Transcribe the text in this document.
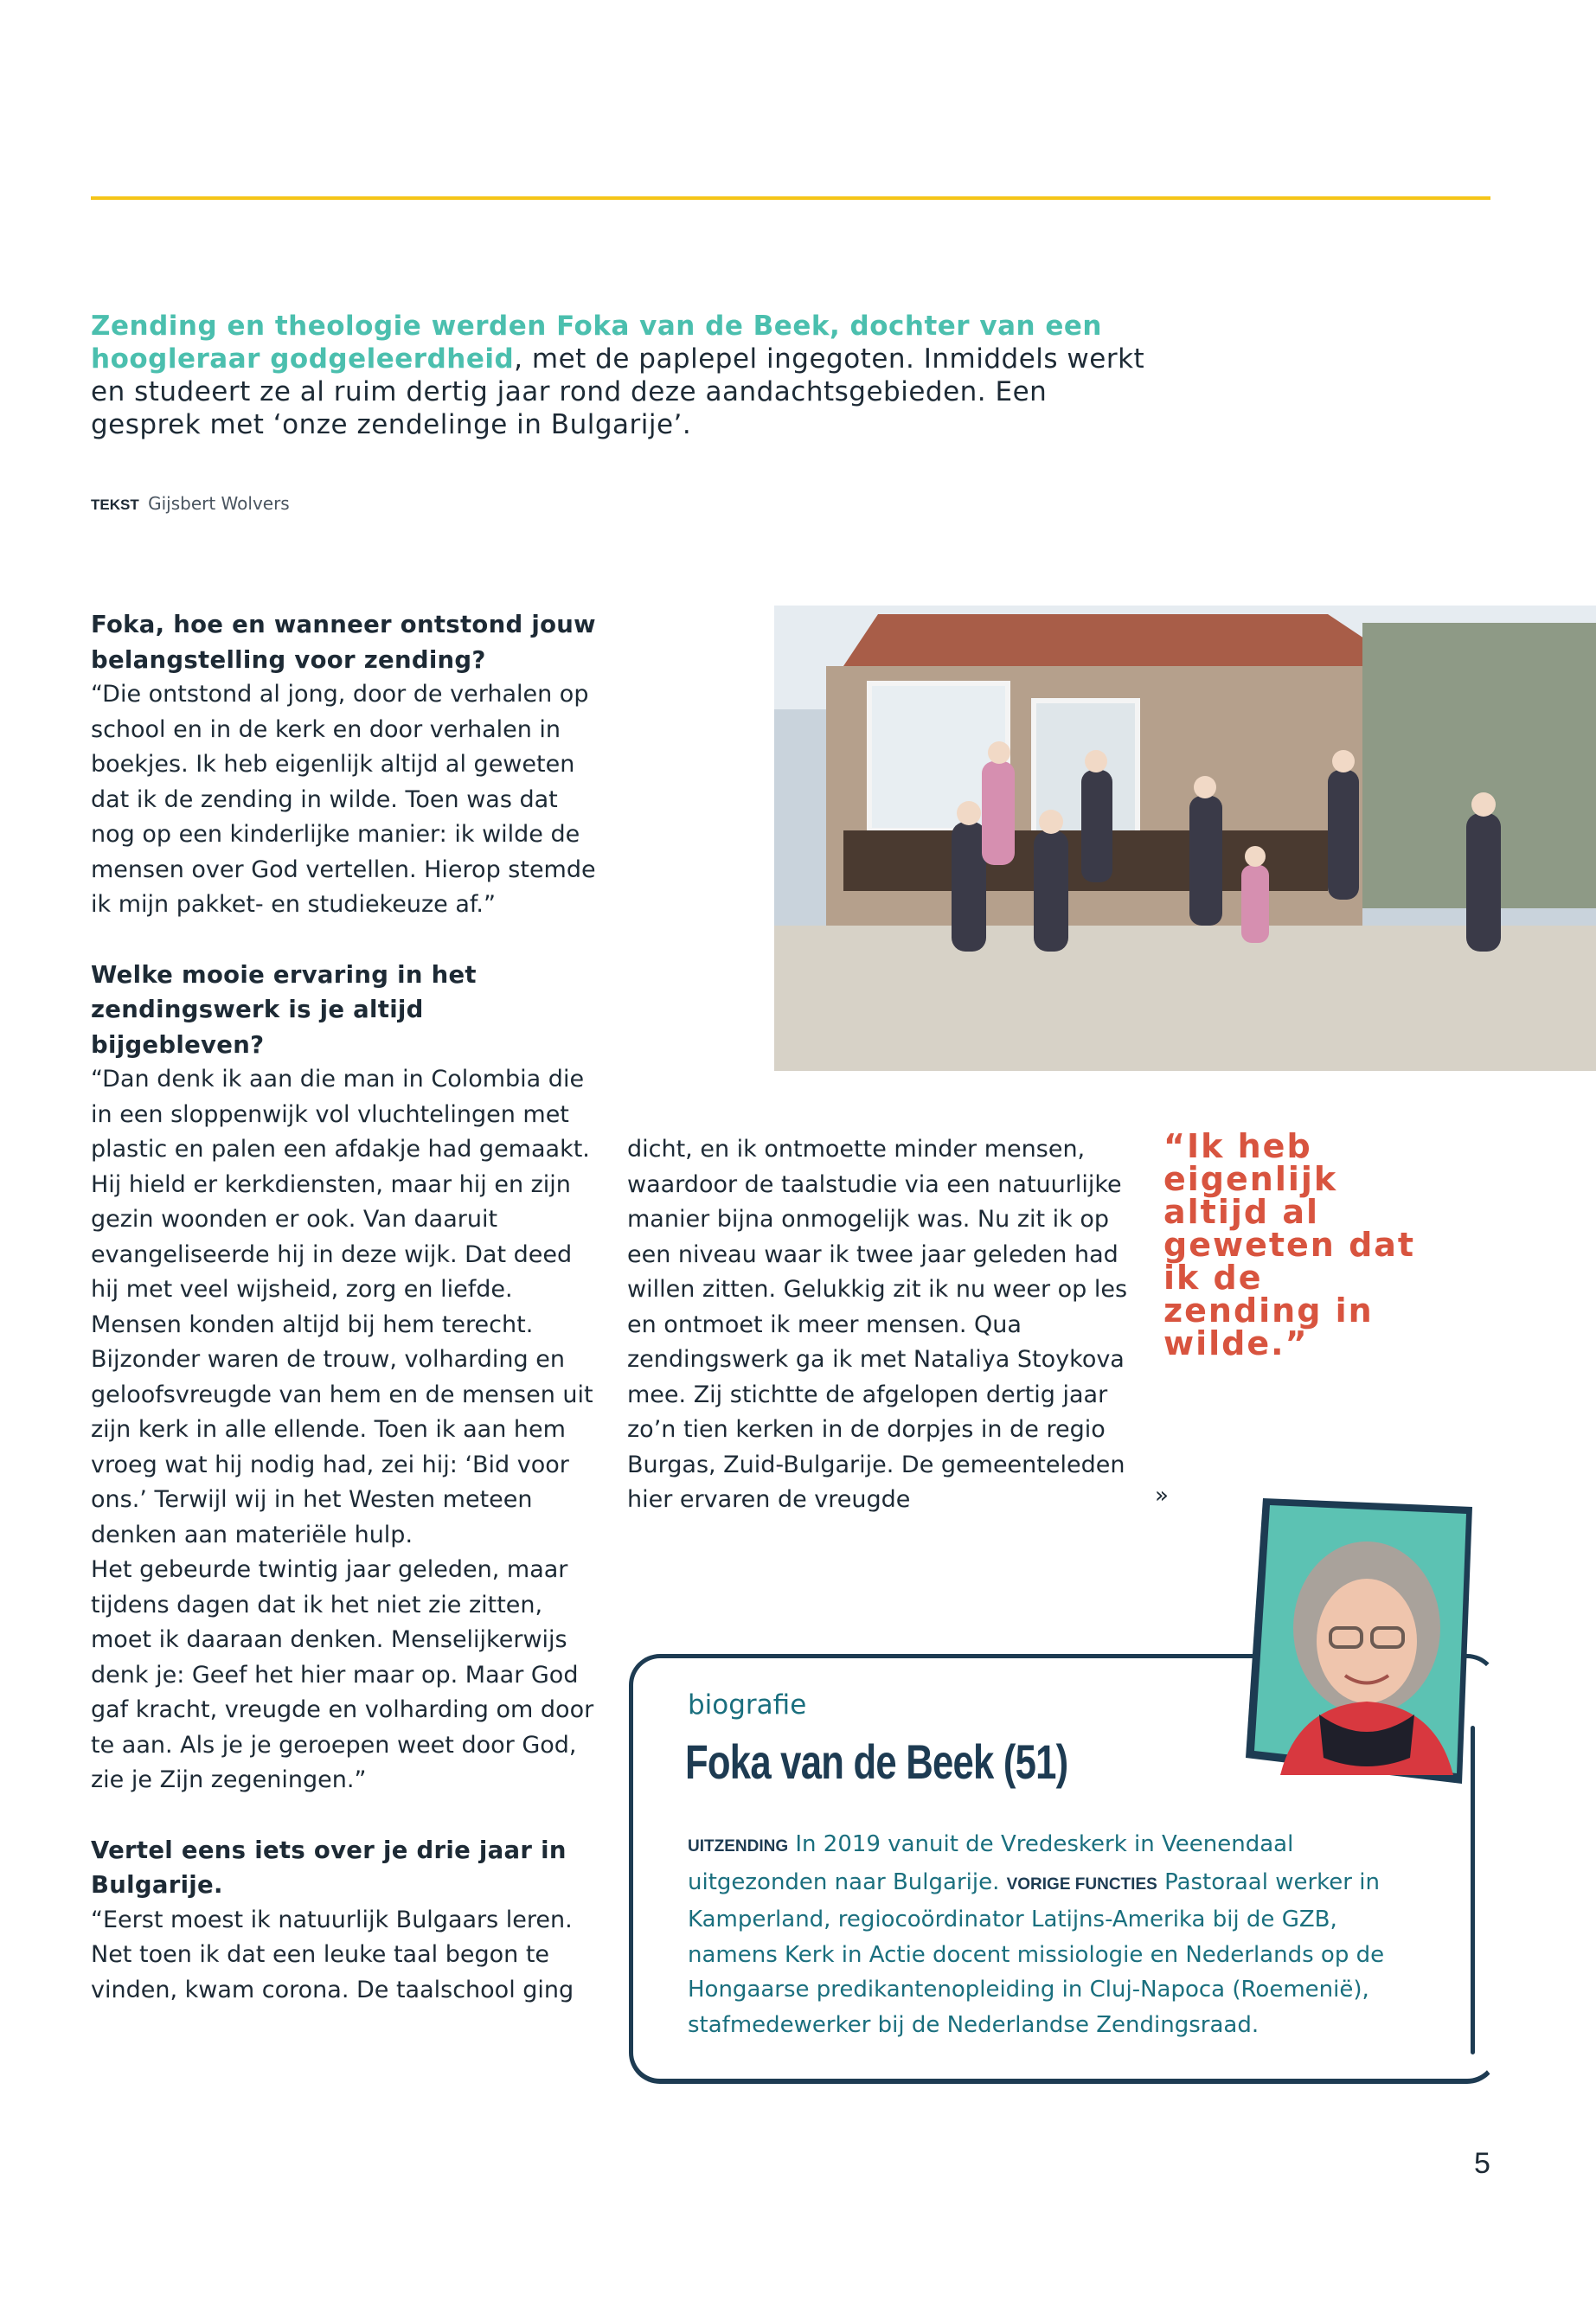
Zending en theologie werden Foka van de Beek, dochter van een hoogleraar godgeleerdheid, met de paplepel ingegoten. Inmiddels werkt en studeert ze al ruim dertig jaar rond deze aandachtsgebieden. Een gesprek met ‘onze zendelinge in Bulgarije’.
TEKST Gijsbert Wolvers

Foka, hoe en wanneer ontstond jouw belangstelling voor zending?

“Die ontstond al jong, door de verhalen op school en in de kerk en door verhalen in boekjes. Ik heb eigenlijk altijd al geweten dat ik de zending in wilde. Toen was dat nog op een kinderlijke manier: ik wilde de mensen over God vertellen. Hierop stemde ik mijn pakket- en studiekeuze af.”

Welke mooie ervaring in het zendingswerk is je altijd bijgebleven?

“Dan denk ik aan die man in Colombia die in een sloppenwijk vol vluchtelingen met plastic en palen een afdakje had gemaakt. Hij hield er kerkdiensten, maar hij en zijn gezin woonden er ook. Van daaruit evangeliseerde hij in deze wijk. Dat deed hij met veel wijsheid, zorg en liefde. Mensen konden altijd bij hem terecht. Bijzonder waren de trouw, volharding en geloofsvreugde van hem en de mensen uit zijn kerk in alle ellende. Toen ik aan hem vroeg wat hij nodig had, zei hij: ‘Bid voor ons.’ Terwijl wij in het Westen meteen denken aan materiële hulp.

Het gebeurde twintig jaar geleden, maar tijdens dagen dat ik het niet zie zitten, moet ik daaraan denken. Menselijkerwijs denk je: Geef het hier maar op. Maar God gaf kracht, vreugde en volharding om door te aan. Als je je geroepen weet door God, zie je Zijn zegeningen.”

Vertel eens iets over je drie jaar in Bulgarije.

“Eerst moest ik natuurlijk Bulgaars leren. Net toen ik dat een leuke taal begon te vinden, kwam corona. De taalschool ging

dicht, en ik ontmoette minder mensen, waardoor de taalstudie via een natuurlijke manier bijna onmogelijk was. Nu zit ik op een niveau waar ik twee jaar geleden had willen zitten. Gelukkig zit ik nu weer op les en ontmoet ik meer mensen. Qua zendingswerk ga ik met Nataliya Stoykova mee. Zij stichtte de afgelopen dertig jaar zo’n tien kerken in de dorpjes in de regio Burgas, Zuid-Bulgarije. De gemeenteleden hier ervaren de vreugde

“Ik heb eigenlijk altijd al geweten dat ik de zending in wilde.”
»
biografie
Foka van de Beek (51)
UITZENDING In 2019 vanuit de Vredeskerk in Veenendaal uitgezonden naar Bulgarije. VORIGE FUNCTIES Pastoraal werker in Kamperland, regiocoördinator Latijns-Amerika bij de GZB, namens Kerk in Actie docent missiologie en Nederlands op de Hongaarse predikantenopleiding in Cluj-Napoca (Roemenië), stafmedewerker bij de Nederlandse Zendingsraad.
5
